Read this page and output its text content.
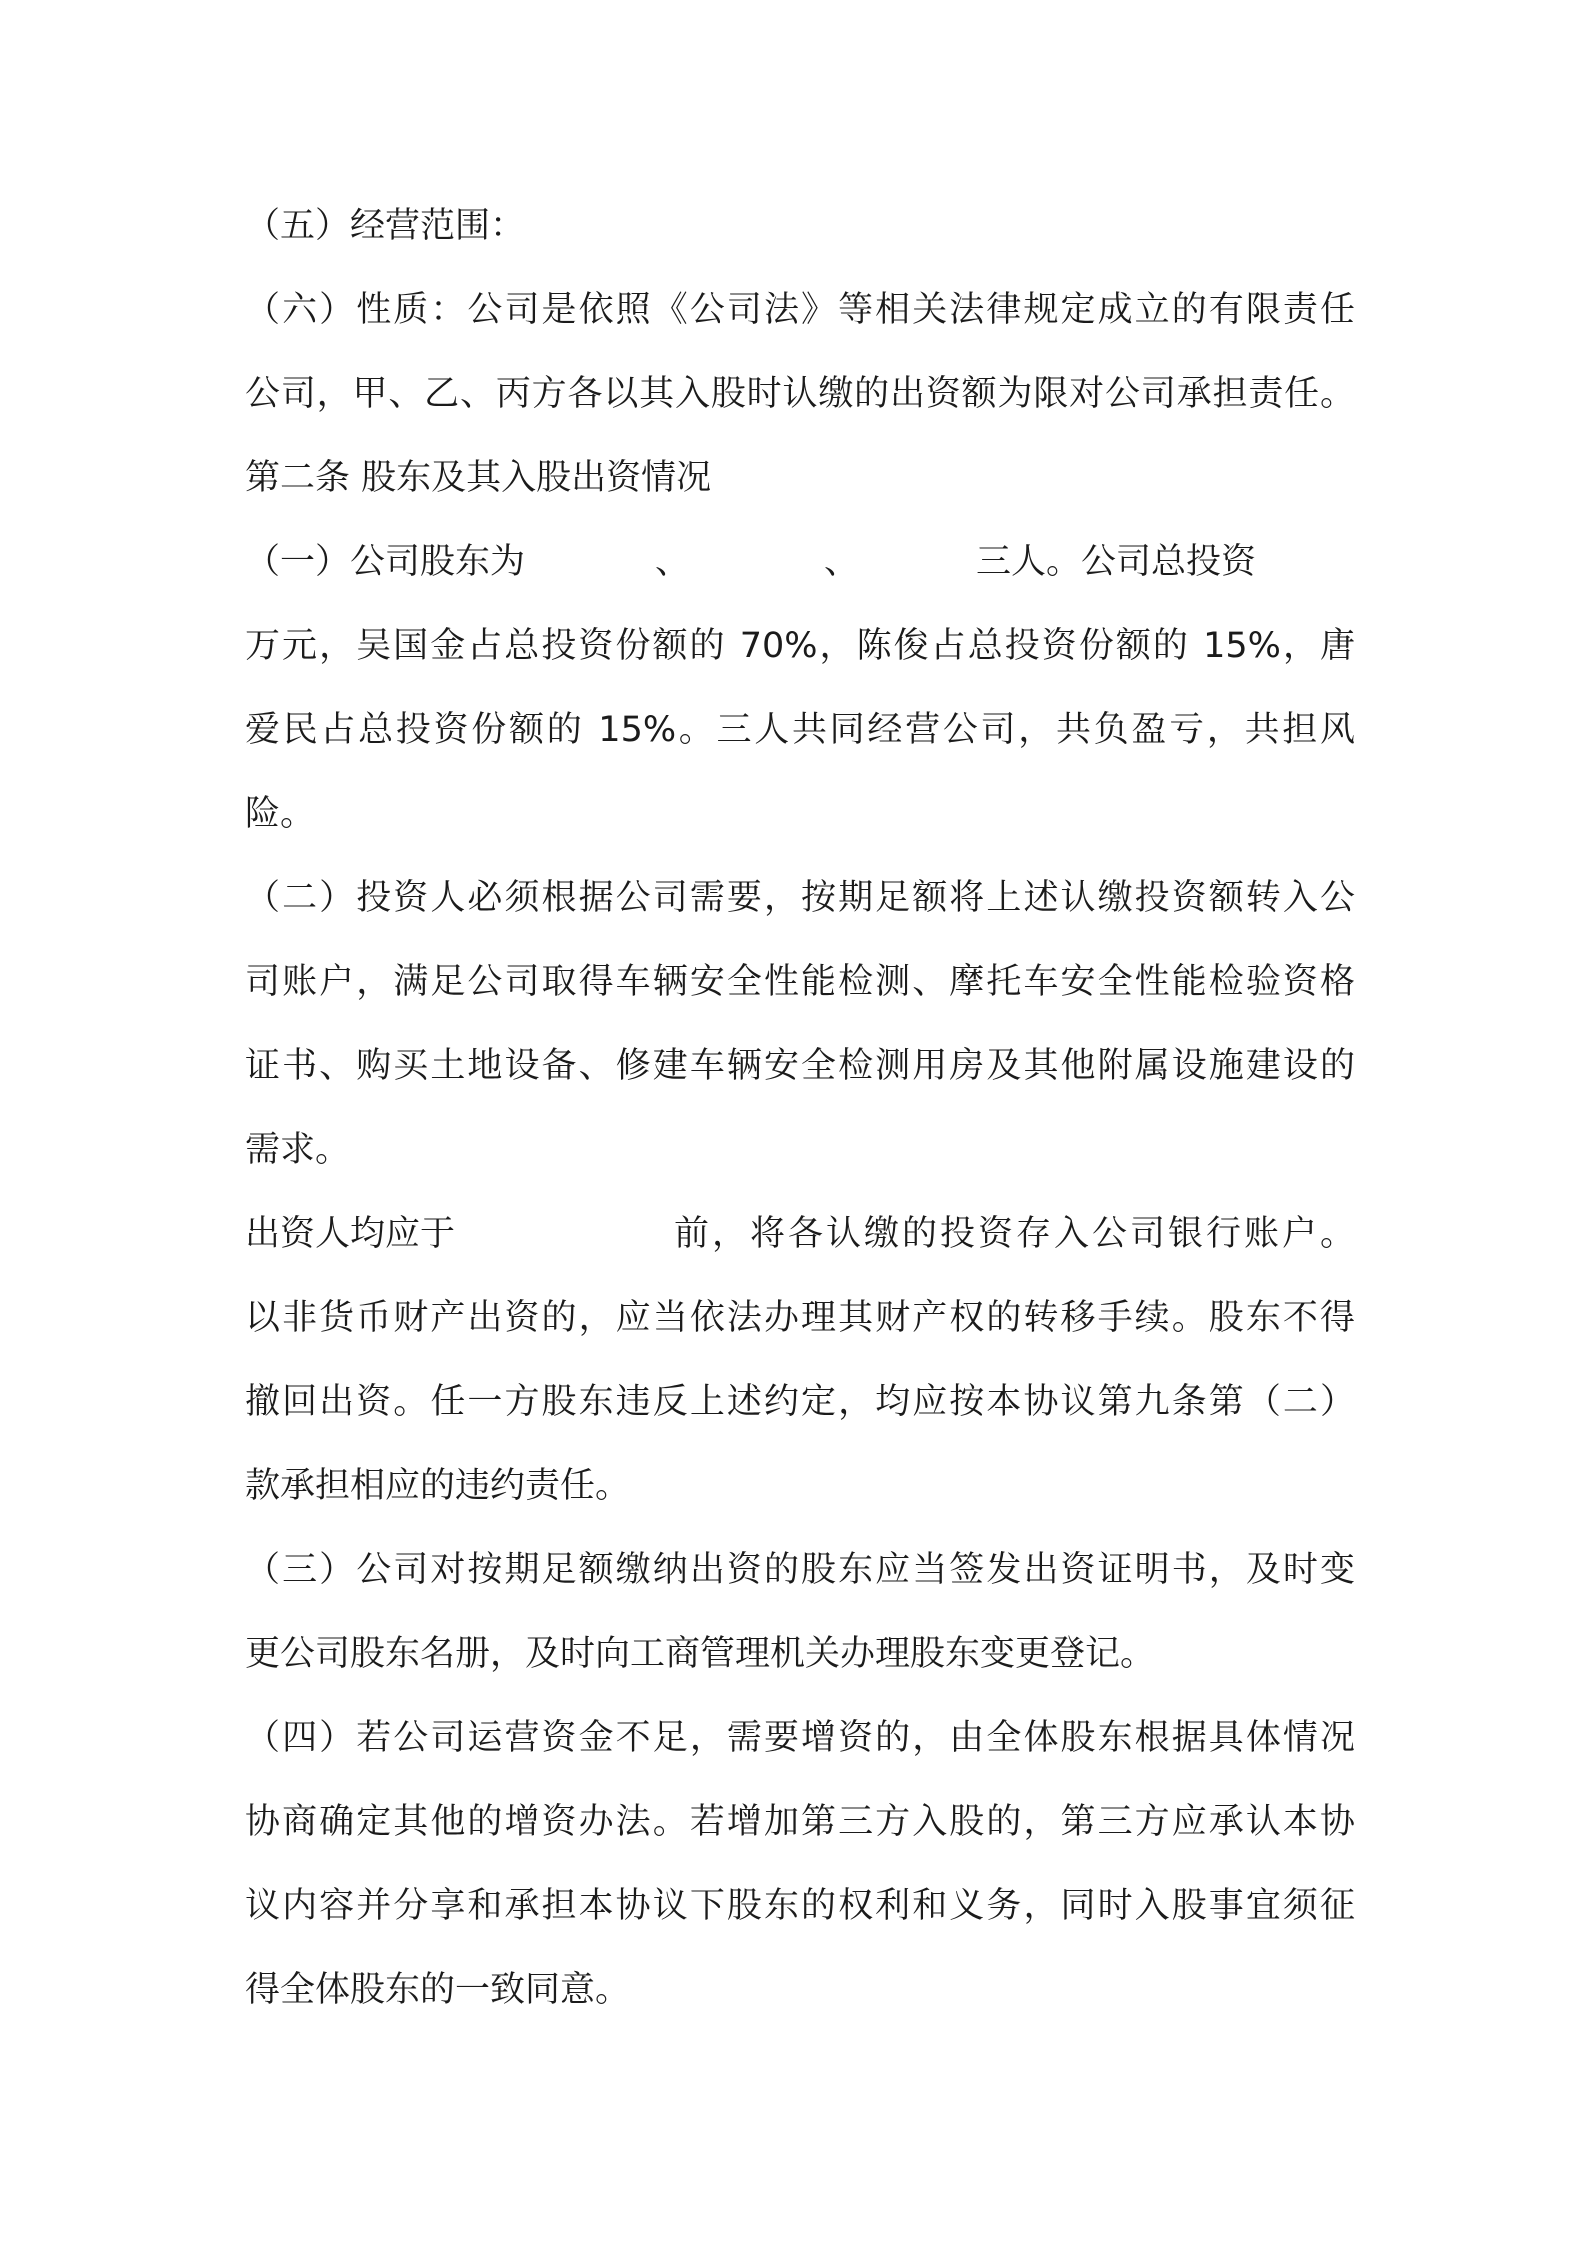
（五）经营范围：
（六）性质：公司是依照《公司法》等相关法律规定成立的有限责任
公司，甲、乙、丙方各以其入股时认缴的出资额为限对公司承担责任。
第二条 股东及其入股出资情况

（一）公司股东为

	、

	、

	三人。公司总投资

万元，吴国金占总投资份额的 70%，陈俊占总投资份额的 15%，唐
爱民占总投资份额的 15%。三人共同经营公司，共负盈亏，共担风
险。
（二）投资人必须根据公司需要，按期足额将上述认缴投资额转入公
司账户，满足公司取得车辆安全性能检测、摩托车安全性能检验资格
证书、购买土地设备、修建车辆安全检测用房及其他附属设施建设的
需求。

出资人均应于

	前，将各认缴的投资存入公司银行账户。

以非货币财产出资的，应当依法办理其财产权的转移手续。股东不得
撤回出资。任一方股东违反上述约定，均应按本协议第九条第（二）
款承担相应的违约责任。
（三）公司对按期足额缴纳出资的股东应当签发出资证明书，及时变
更公司股东名册，及时向工商管理机关办理股东变更登记。
（四）若公司运营资金不足，需要增资的，由全体股东根据具体情况
协商确定其他的增资办法。若增加第三方入股的，第三方应承认本协
议内容并分享和承担本协议下股东的权利和义务，同时入股事宜须征
得全体股东的一致同意。
